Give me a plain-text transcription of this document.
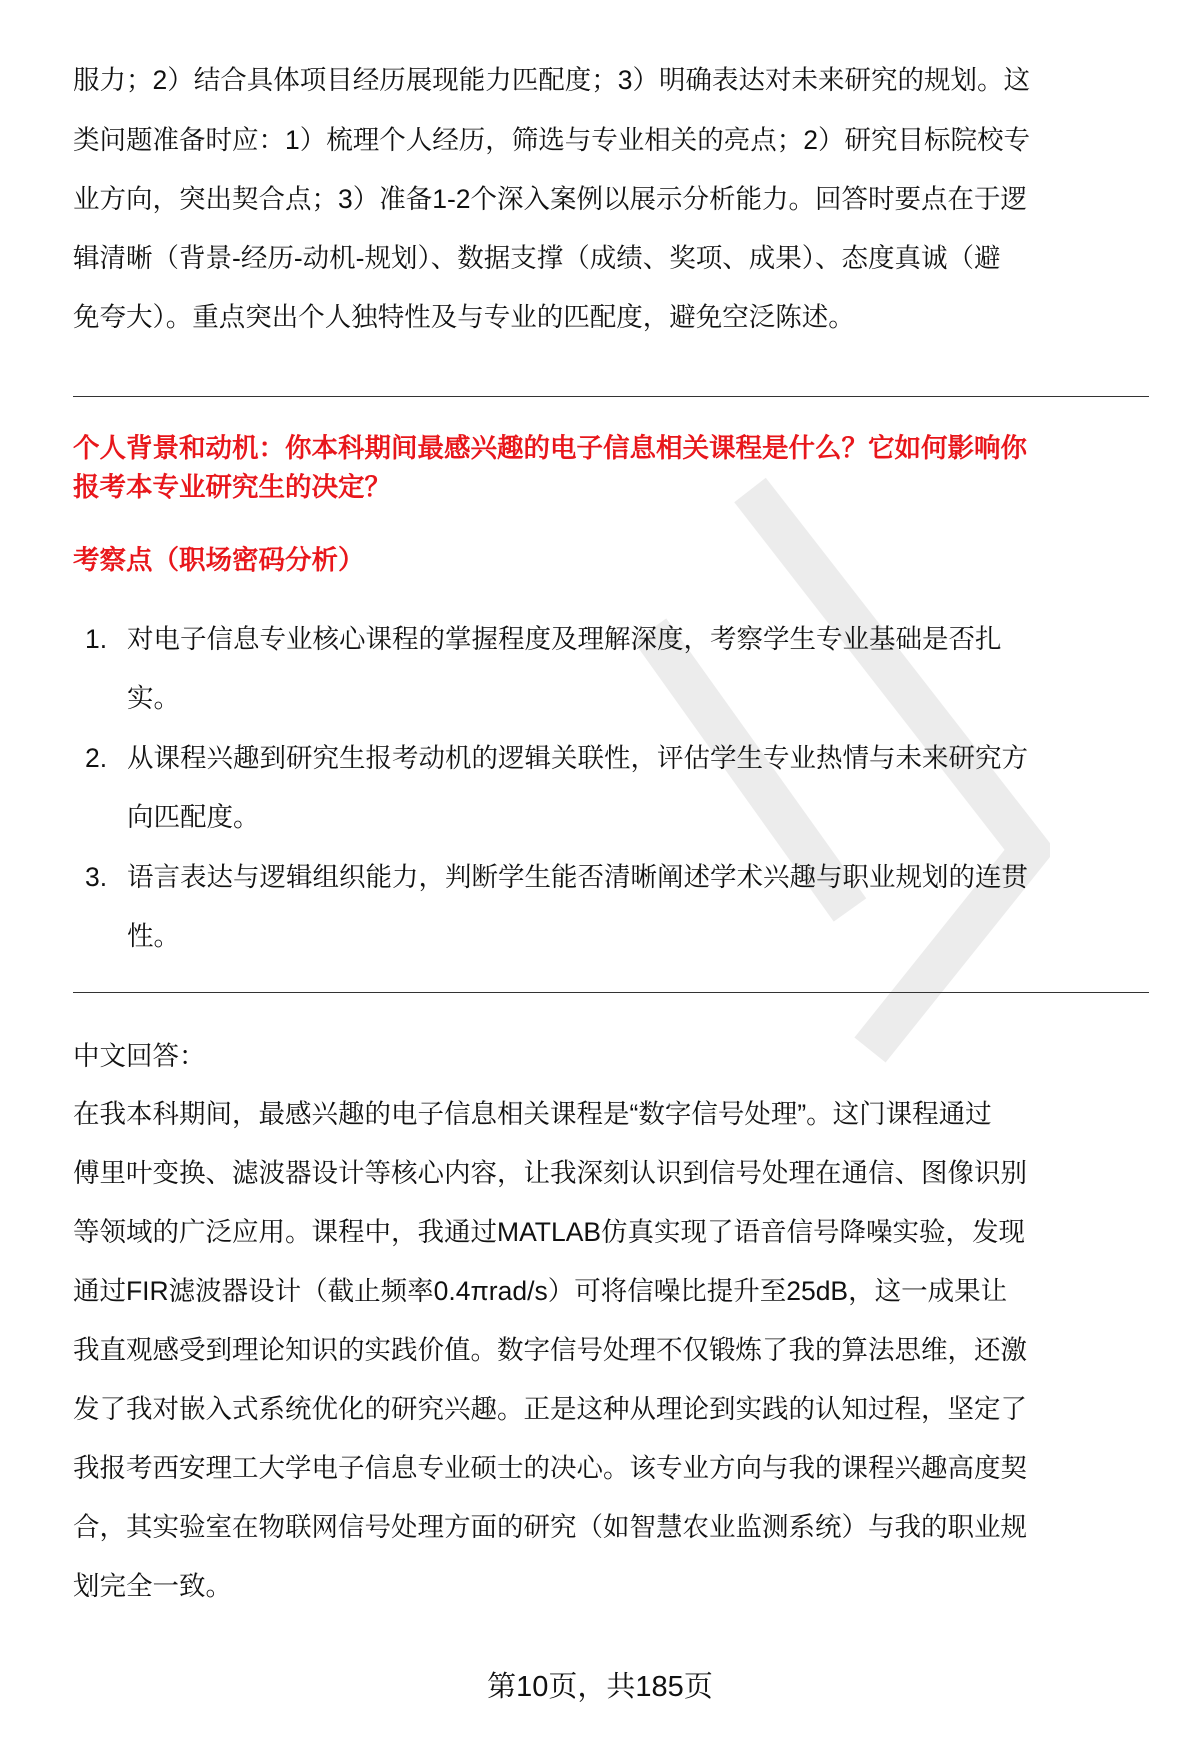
服力；2）结合具体项目经历展现能力匹配度；3）明确表达对未来研究的规划。这
类问题准备时应：1）梳理个人经历，筛选与专业相关的亮点；2）研究目标院校专
业方向，突出契合点；3）准备1-2个深入案例以展示分析能力。回答时要点在于逻
辑清晰（背景-经历-动机-规划）、数据支撑（成绩、奖项、成果）、态度真诚（避
免夸大）。重点突出个人独特性及与专业的匹配度，避免空泛陈述。
个人背景和动机：你本科期间最感兴趣的电子信息相关课程是什么？它如何影响你
报考本专业研究生的决定？
考察点（职场密码分析）
1. 对电子信息专业核心课程的掌握程度及理解深度，考察学生专业基础是否扎
实。
2. 从课程兴趣到研究生报考动机的逻辑关联性，评估学生专业热情与未来研究方
向匹配度。
3. 语言表达与逻辑组织能力，判断学生能否清晰阐述学术兴趣与职业规划的连贯
性。
中文回答：
在我本科期间，最感兴趣的电子信息相关课程是“数字信号处理”。这门课程通过
傅里叶变换、滤波器设计等核心内容，让我深刻认识到信号处理在通信、图像识别
等领域的广泛应用。课程中，我通过MATLAB仿真实现了语音信号降噪实验，发现
通过FIR滤波器设计（截止频率0.4πrad/s）可将信噪比提升至25dB，这一成果让
我直观感受到理论知识的实践价值。数字信号处理不仅锻炼了我的算法思维，还激
发了我对嵌入式系统优化的研究兴趣。正是这种从理论到实践的认知过程，坚定了
我报考西安理工大学电子信息专业硕士的决心。该专业方向与我的课程兴趣高度契
合，其实验室在物联网信号处理方面的研究（如智慧农业监测系统）与我的职业规
划完全一致。
第10页，共185页
